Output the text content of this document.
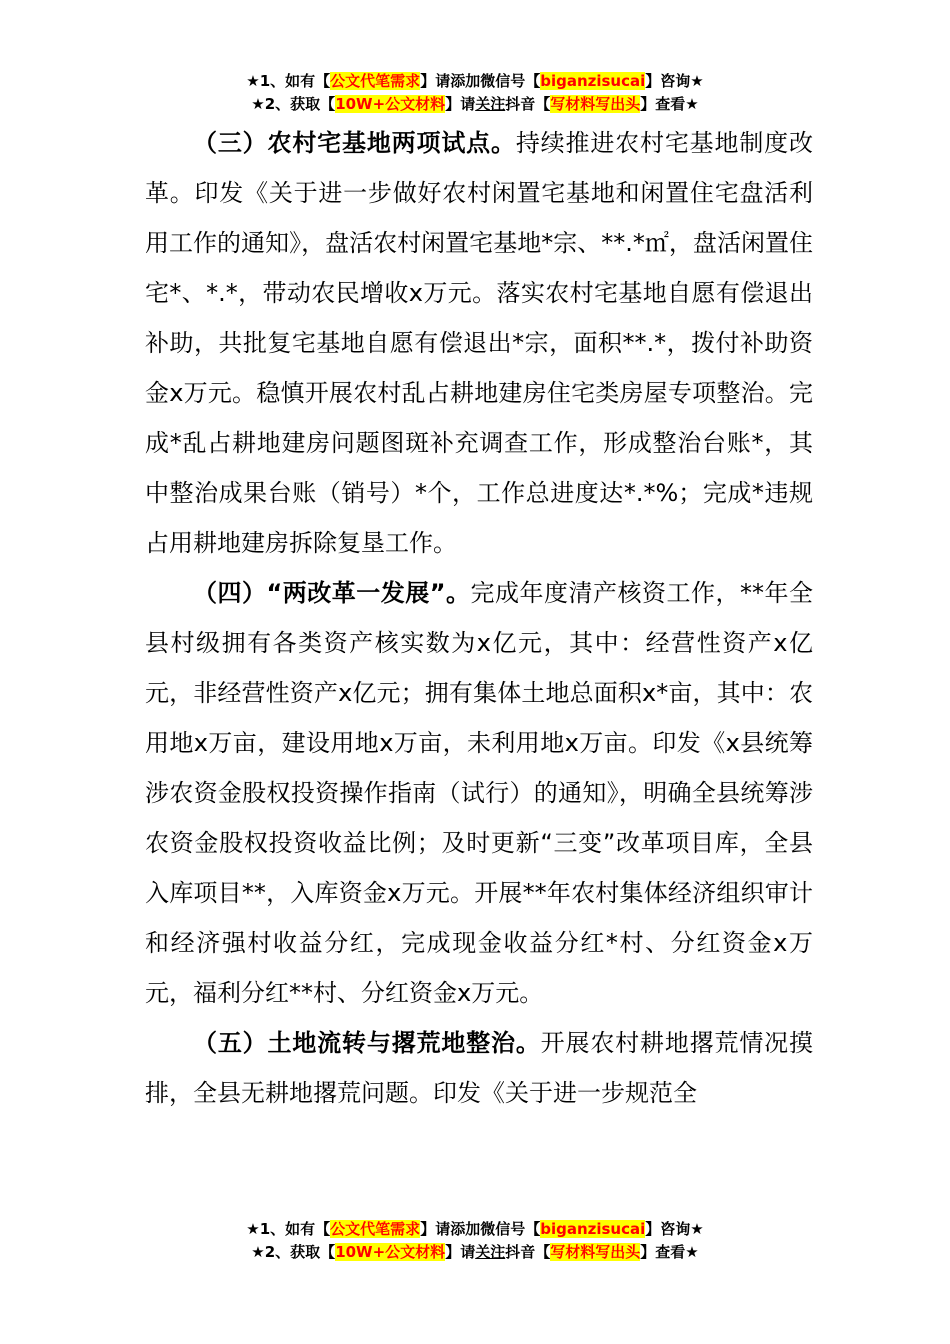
★1、如有【公文代笔需求】请添加微信号【biganzisucai】咨询★
★2、获取【10W+公文材料】请关注抖音【写材料写出头】查看★

（三）农村宅基地两项试点。持续推进农村宅基地制度改革。印发《关于进一步做好农村闲置宅基地和闲置住宅盘活利用工作的通知》，盘活农村闲置宅基地*宗、**.*㎡，盘活闲置住宅*、*.*，带动农民增收x万元。落实农村宅基地自愿有偿退出补助，共批复宅基地自愿有偿退出*宗，面积**.*，拨付补助资金x万元。稳慎开展农村乱占耕地建房住宅类房屋专项整治。完成*乱占耕地建房问题图斑补充调查工作，形成整治台账*，其中整治成果台账（销号）*个，工作总进度达*.*%；完成*违规占用耕地建房拆除复垦工作。

（四）“两改革一发展”。完成年度清产核资工作，**年全县村级拥有各类资产核实数为x亿元，其中：经营性资产x亿元，非经营性资产x亿元；拥有集体土地总面积x*亩，其中：农用地x万亩，建设用地x万亩，未利用地x万亩。印发《x县统筹涉农资金股权投资操作指南（试行）的通知》，明确全县统筹涉农资金股权投资收益比例；及时更新“三变”改革项目库，全县入库项目**，入库资金x万元。开展**年农村集体经济组织审计和经济强村收益分红，完成现金收益分红*村、分红资金x万元，福利分红**村、分红资金x万元。

（五）土地流转与撂荒地整治。开展农村耕地撂荒情况摸排，全县无耕地撂荒问题。印发《关于进一步规范全

★1、如有【公文代笔需求】请添加微信号【biganzisucai】咨询★
★2、获取【10W+公文材料】请关注抖音【写材料写出头】查看★
